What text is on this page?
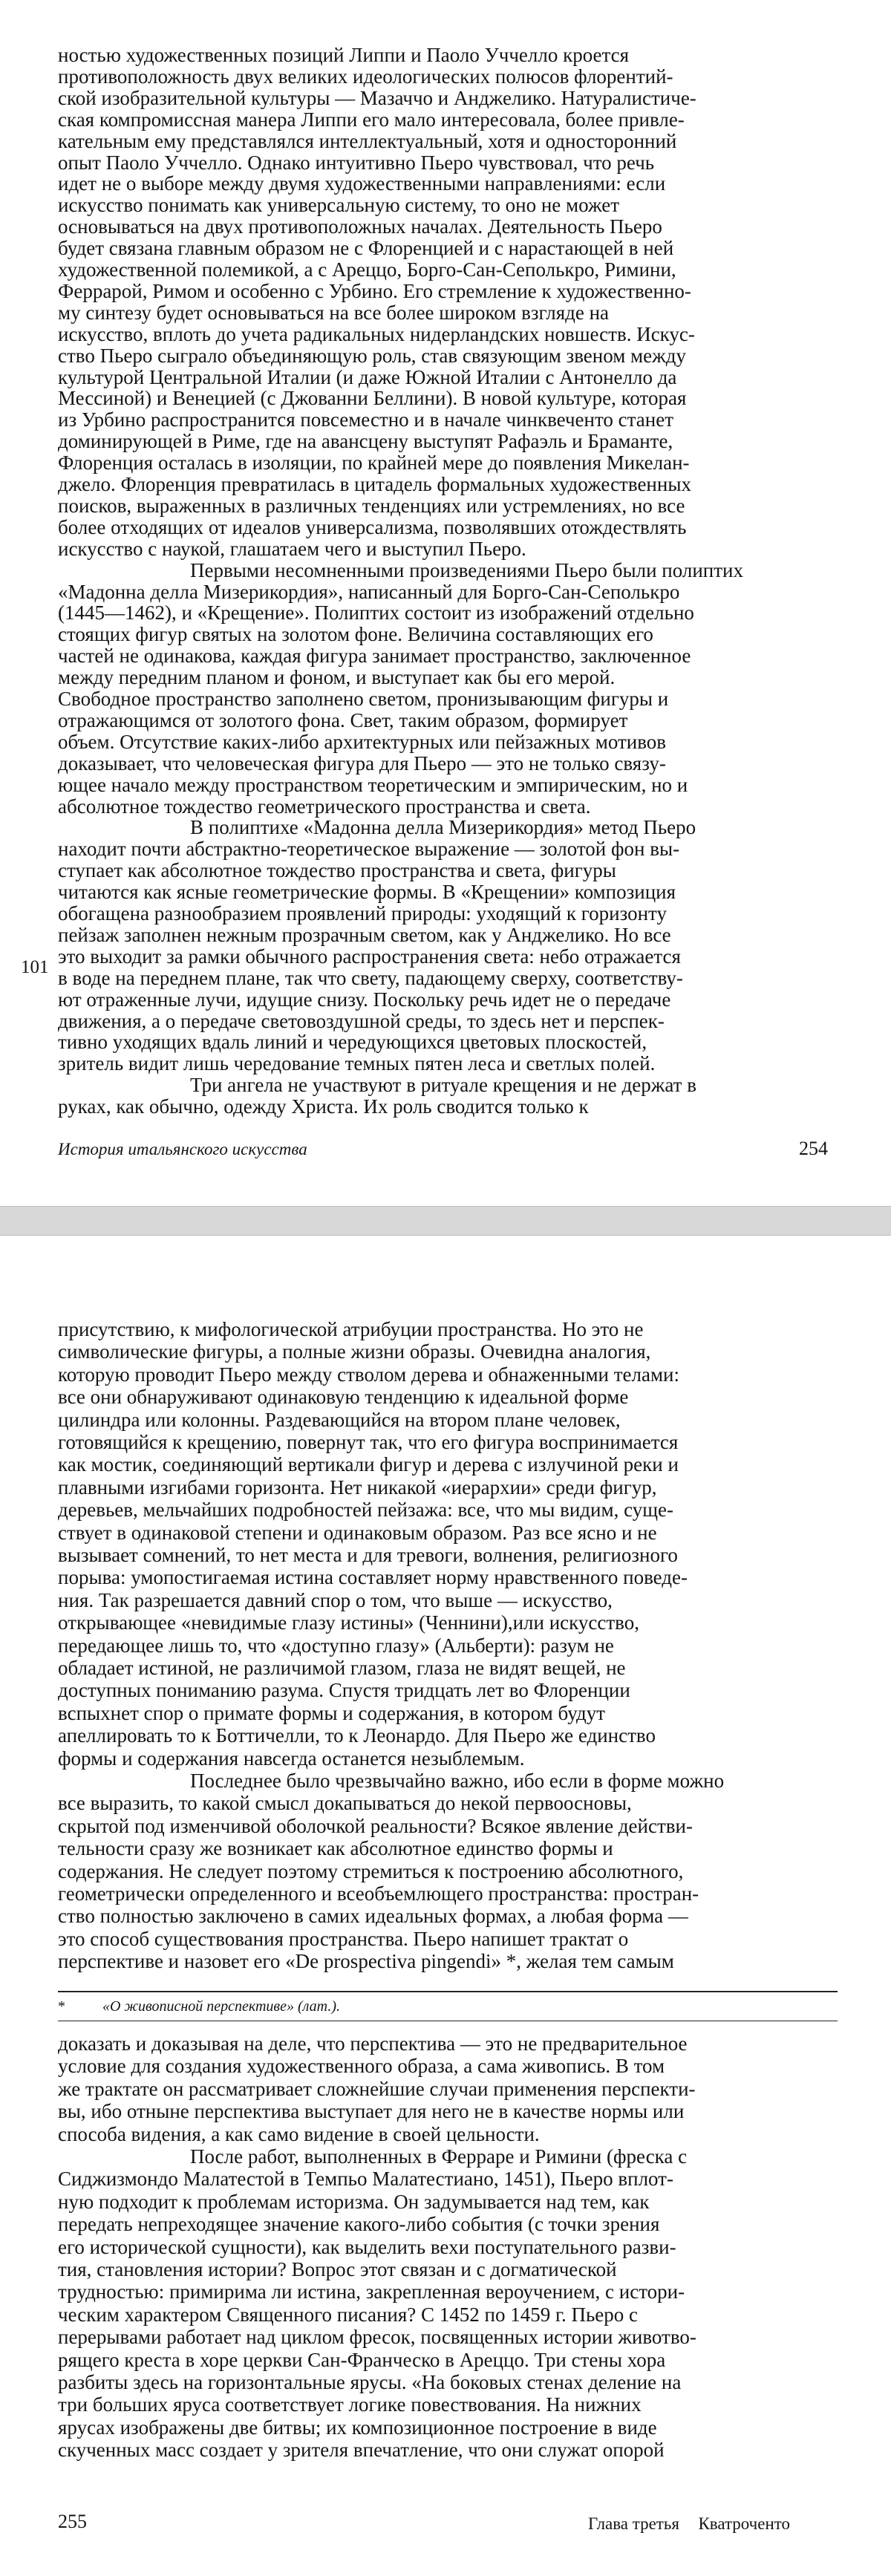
ностью художественных позиций Липпи и Паоло Уччелло кроется
противоположность двух великих идеологических полюсов флорентий-
ской изобразительной культуры — Мазаччо и Анджелико. Натуралистиче-
ская компромиссная манера Липпи его мало интересовала, более привле-
кательным ему представлялся интеллектуальный, хотя и односторонний
опыт Паоло Уччелло. Однако интуитивно Пьеро чувствовал, что речь
идет не о выборе между двумя художественными направлениями: если
искусство понимать как универсальную систему, то оно не может
основываться на двух противоположных началах. Деятельность Пьеро
будет связана главным образом не с Флоренцией и с нарастающей в ней
художественной полемикой, а с Ареццо, Борго-Сан-Сеполькро, Римини,
Феррарой, Римом и особенно с Урбино. Его стремление к художественно-
му синтезу будет основываться на все более широком взгляде на
искусство, вплоть до учета радикальных нидерландских новшеств. Искус-
ство Пьеро сыграло объединяющую роль, став связующим звеном между
культурой Центральной Италии (и даже Южной Италии с Антонелло да
Мессиной) и Венецией (с Джованни Беллини). В новой культуре, которая
из Урбино распространится повсеместно и в начале чинквеченто станет
доминирующей в Риме, где на авансцену выступят Рафаэль и Браманте,
Флоренция осталась в изоляции, по крайней мере до появления Микелан-
джело. Флоренция превратилась в цитадель формальных художественных
поисков, выраженных в различных тенденциях или устремлениях, но все
более отходящих от идеалов универсализма, позволявших отождествлять
искусство с наукой, глашатаем чего и выступил Пьеро.
Первыми несомненными произведениями Пьеро были полиптих
«Мадонна делла Мизерикордия», написанный для Борго-Сан-Сеполькро
(1445—1462), и «Крещение». Полиптих состоит из изображений отдельно
стоящих фигур святых на золотом фоне. Величина составляющих его
частей не одинакова, каждая фигура занимает пространство, заключенное
между передним планом и фоном, и выступает как бы его мерой.
Свободное пространство заполнено светом, пронизывающим фигуры и
отражающимся от золотого фона. Свет, таким образом, формирует
объем. Отсутствие каких-либо архитектурных или пейзажных мотивов
доказывает, что человеческая фигура для Пьеро — это не только связу-
ющее начало между пространством теоретическим и эмпирическим, но и
абсолютное тождество геометрического пространства и света.
В полиптихе «Мадонна делла Мизерикордия» метод Пьеро
находит почти абстрактно-теоретическое выражение — золотой фон вы-
ступает как абсолютное тождество пространства и света, фигуры
читаются как ясные геометрические формы. В «Крещении» композиция
обогащена разнообразием проявлений природы: уходящий к горизонту
пейзаж заполнен нежным прозрачным светом, как у Анджелико. Но все
это выходит за рамки обычного распространения света: небо отражается
в воде на переднем плане, так что свету, падающему сверху, соответству-
ют отраженные лучи, идущие снизу. Поскольку речь идет не о передаче
движения, а о передаче световоздушной среды, то здесь нет и перспек-
тивно уходящих вдаль линий и чередующихся цветовых плоскостей,
зритель видит лишь чередование темных пятен леса и светлых полей.
Три ангела не участвуют в ритуале крещения и не держат в
руках, как обычно, одежду Христа. Их роль сводится только к
101
История итальянского искусства	254
присутствию, к мифологической атрибуции пространства. Но это не
символические фигуры, а полные жизни образы. Очевидна аналогия,
которую проводит Пьеро между стволом дерева и обнаженными телами:
все они обнаруживают одинаковую тенденцию к идеальной форме
цилиндра или колонны. Раздевающийся на втором плане человек,
готовящийся к крещению, повернут так, что его фигура воспринимается
как мостик, соединяющий вертикали фигур и дерева с излучиной реки и
плавными изгибами горизонта. Нет никакой «иерархии» среди фигур,
деревьев, мельчайших подробностей пейзажа: все, что мы видим, суще-
ствует в одинаковой степени и одинаковым образом. Раз все ясно и не
вызывает сомнений, то нет места и для тревоги, волнения, религиозного
порыва: умопостигаемая истина составляет норму нравственного поведе-
ния. Так разрешается давний спор о том, что выше — искусство,
открывающее «невидимые глазу истины» (Ченнини),или искусство,
передающее лишь то, что «доступно глазу» (Альберти): разум не
обладает истиной, не различимой глазом, глаза не видят вещей, не
доступных пониманию разума. Спустя тридцать лет во Флоренции
вспыхнет спор о примате формы и содержания, в котором будут
апеллировать то к Боттичелли, то к Леонардо. Для Пьеро же единство
формы и содержания навсегда останется незыблемым.
Последнее было чрезвычайно важно, ибо если в форме можно
все выразить, то какой смысл докапываться до некой первоосновы,
скрытой под изменчивой оболочкой реальности? Всякое явление действи-
тельности сразу же возникает как абсолютное единство формы и
содержания. Не следует поэтому стремиться к построению абсолютного,
геометрически определенного и всеобъемлющего пространства: простран-
ство полностью заключено в самих идеальных формах, а любая форма —
это способ существования пространства. Пьеро напишет трактат о
перспективе и назовет его «De prospectiva pingendi» *, желая тем самым
*	«О живописной перспективе» (лат.).
доказать и доказывая на деле, что перспектива — это не предварительное
условие для создания художественного образа, а сама живопись. В том
же трактате он рассматривает сложнейшие случаи применения перспекти-
вы, ибо отныне перспектива выступает для него не в качестве нормы или
способа видения, а как само видение в своей цельности.
После работ, выполненных в Ферраре и Римини (фреска с
Сиджизмондо Малатестой в Темпьо Малатестиано, 1451), Пьеро вплот-
ную подходит к проблемам историзма. Он задумывается над тем, как
передать непреходящее значение какого-либо события (с точки зрения
его исторической сущности), как выделить вехи поступательного разви-
тия, становления истории? Вопрос этот связан и с догматической
трудностью: примирима ли истина, закрепленная вероучением, с истори-
ческим характером Священного писания? С 1452 по 1459 г. Пьеро с
перерывами работает над циклом фресок, посвященных истории животво-
рящего креста в хоре церкви Сан-Франческо в Ареццо. Три стены хора
разбиты здесь на горизонтальные ярусы. «На боковых стенах деление на
три больших яруса соответствует логике повествования. На нижних
ярусах изображены две битвы; их композиционное построение в виде
скученных масс создает у зрителя впечатление, что они служат опорой
255	Глава третья Кватроченто
